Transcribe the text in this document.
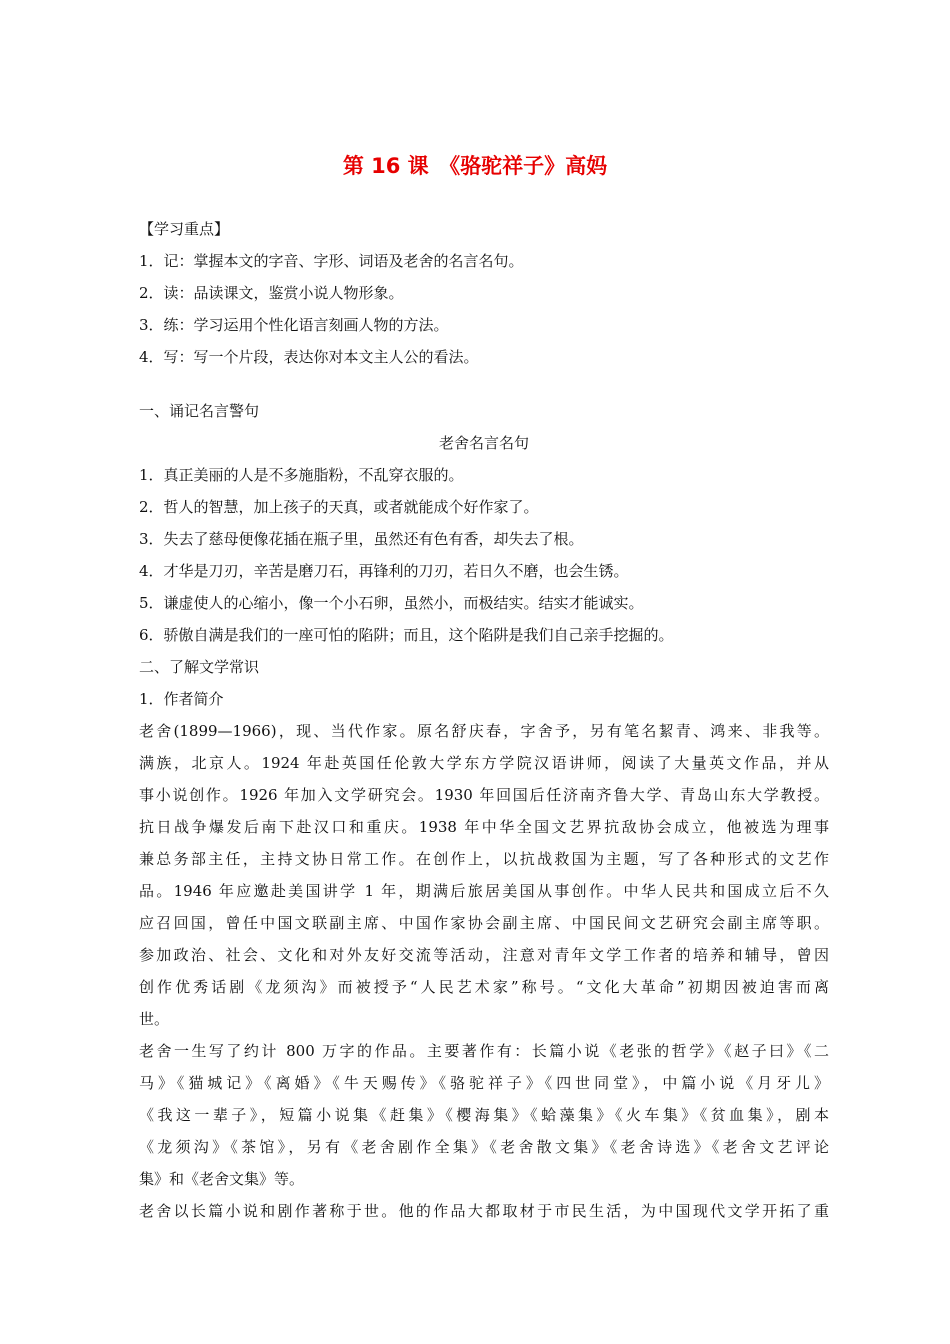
第 16 课　《骆驼祥子》高妈
【学习重点】
1．记：掌握本文的字音、字形、词语及老舍的名言名句。
2．读：品读课文，鉴赏小说人物形象。
3．练：学习运用个性化语言刻画人物的方法。
4．写：写一个片段，表达你对本文主人公的看法。
一、诵记名言警句
老舍名言名句
1．真正美丽的人是不多施脂粉，不乱穿衣服的。
2．哲人的智慧，加上孩子的天真，或者就能成个好作家了。
3．失去了慈母便像花插在瓶子里，虽然还有色有香，却失去了根。
4．才华是刀刃，辛苦是磨刀石，再锋利的刀刃，若日久不磨，也会生锈。
5．谦虚使人的心缩小，像一个小石卵，虽然小，而极结实。结实才能诚实。
6．骄傲自满是我们的一座可怕的陷阱；而且，这个陷阱是我们自己亲手挖掘的。
二、了解文学常识
1．作者简介
老舍(1899—1966)，现、当代作家。原名舒庆春，字舍予，另有笔名絜青、鸿来、非我等。
满族，北京人。1924 年赴英国任伦敦大学东方学院汉语讲师，阅读了大量英文作品，并从
事小说创作。1926 年加入文学研究会。1930 年回国后任济南齐鲁大学、青岛山东大学教授。
抗日战争爆发后南下赴汉口和重庆。1938 年中华全国文艺界抗敌协会成立，他被选为理事
兼总务部主任，主持文协日常工作。在创作上，以抗战救国为主题，写了各种形式的文艺作
品。1946 年应邀赴美国讲学 1 年，期满后旅居美国从事创作。中华人民共和国成立后不久
应召回国，曾任中国文联副主席、中国作家协会副主席、中国民间文艺研究会副主席等职。
参加政治、社会、文化和对外友好交流等活动，注意对青年文学工作者的培养和辅导，曾因
创作优秀话剧《龙须沟》而被授予“人民艺术家”称号。“文化大革命”初期因被迫害而离
世。
老舍一生写了约计 800 万字的作品。主要著作有：长篇小说《老张的哲学》《赵子曰》《二
马》《猫城记》《离婚》《牛天赐传》《骆驼祥子》《四世同堂》，中篇小说《月牙儿》
《我这一辈子》，短篇小说集《赶集》《樱海集》《蛤藻集》《火车集》《贫血集》，剧本
《龙须沟》《茶馆》，另有《老舍剧作全集》《老舍散文集》《老舍诗选》《老舍文艺评论
集》和《老舍文集》等。
老舍以长篇小说和剧作著称于世。他的作品大都取材于市民生活，为中国现代文学开拓了重
